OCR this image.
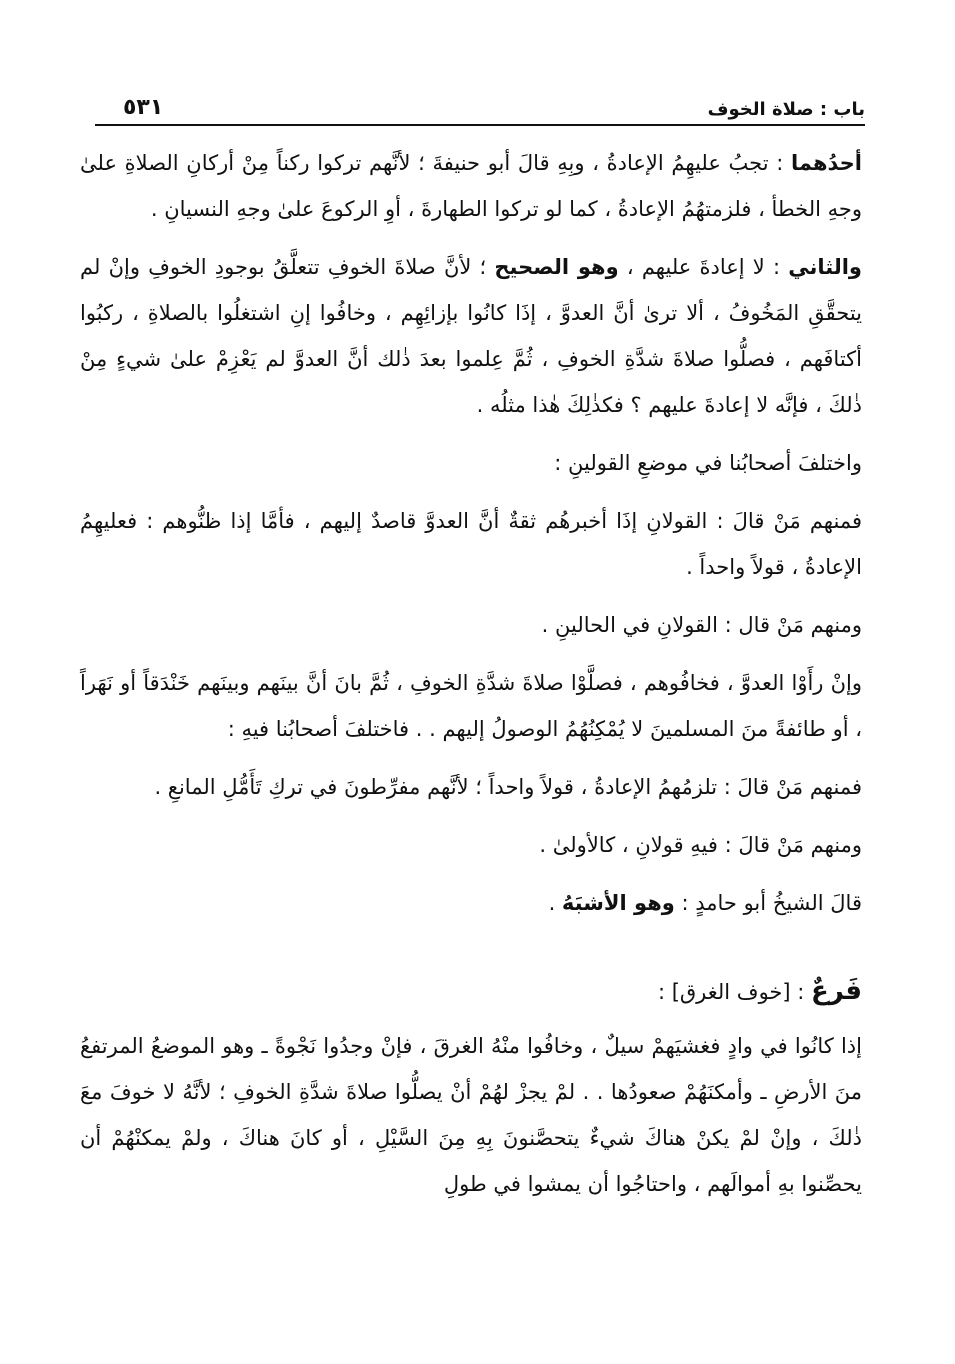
باب : صلاة الخوف
٥٣١

أحدُهما : تجبُ عليهِمُ الإعادةُ ، وبِهِ قالَ أبو حنيفةَ ؛ لأنَّهم تركوا ركناً مِنْ أركانِ الصلاةِ علىٰ وجهِ الخطأ ، فلزمتهُمُ الإعادةُ ، كما لو تركوا الطهارةَ ، أوِ الركوعَ علىٰ وجهِ النسيانِ .

والثاني : لا إعادةَ عليهم ، وهو الصحيح ؛ لأنَّ صلاةَ الخوفِ تتعلَّقُ بوجودِ الخوفِ وإنْ لم يتحقَّقِ المَخُوفُ ، ألا ترىٰ أنَّ العدوَّ ، إذَا كانُوا بإزائِهِم ، وخافُوا إنِ اشتغلُوا بالصلاةِ ، ركبُوا أكتافَهم ، فصلُّوا صلاةَ شدَّةِ الخوفِ ، ثُمَّ عِلموا بعدَ ذٰلك أنَّ العدوَّ لم يَعْزِمْ علىٰ شيءٍ مِنْ ذٰلكَ ، فإنَّه لا إعادةَ عليهم ؟ فكذٰلِكَ هٰذا مثلُه .

واختلفَ أصحابُنا في موضعِ القولينِ :

فمنهم مَنْ قالَ : القولانِ إذَا أخبرهُم ثقةٌ أنَّ العدوَّ قاصدٌ إليهم ، فأمَّا إذا ظنُّوهم : فعليهِمُ الإعادةُ ، قولاً واحداً .

ومنهم مَنْ قال : القولانِ في الحالينِ .

وإنْ رأَوْا العدوَّ ، فخافُوهم ، فصلَّوْا صلاةَ شدَّةِ الخوفِ ، ثُمَّ بانَ أنَّ بينَهم وبينَهم خَنْدَقاً أو نَهَراً ، أو طائفةً منَ المسلمينَ لا يُمْكِنُهُمُ الوصولُ إليهم . . فاختلفَ أصحابُنا فيهِ :

فمنهم مَنْ قالَ : تلزمُهمُ الإعادةُ ، قولاً واحداً ؛ لأنَّهم مفرِّطونَ في تركِ تَأَمُّلِ المانعِ .

ومنهم مَنْ قالَ : فيهِ قولانِ ، كالأولىٰ .

قالَ الشيخُ أبو حامدٍ : وهو الأشبَهُ .

فَرعٌ : [خوف الغرق] :

إذا كانُوا في وادٍ فغشيَهمْ سيلٌ ، وخافُوا منْهُ الغرقَ ، فإنْ وجدُوا نَجْوةً ـ وهو الموضعُ المرتفعُ منَ الأرضِ ـ وأمكنَهُمْ صعودُها . . لمْ يجزْ لهُمْ أنْ يصلُّوا صلاةَ شدَّةِ الخوفِ ؛ لأنَّهُ لا خوفَ معَ ذٰلكَ ، وإنْ لمْ يكنْ هناكَ شيءٌ يتحصَّنونَ بِهِ مِنَ السَّيْلِ ، أو كانَ هناكَ ، ولمْ يمكنْهُمْ أن يحصِّنوا بهِ أموالَهم ، واحتاجُوا أن يمشوا في طولِ
